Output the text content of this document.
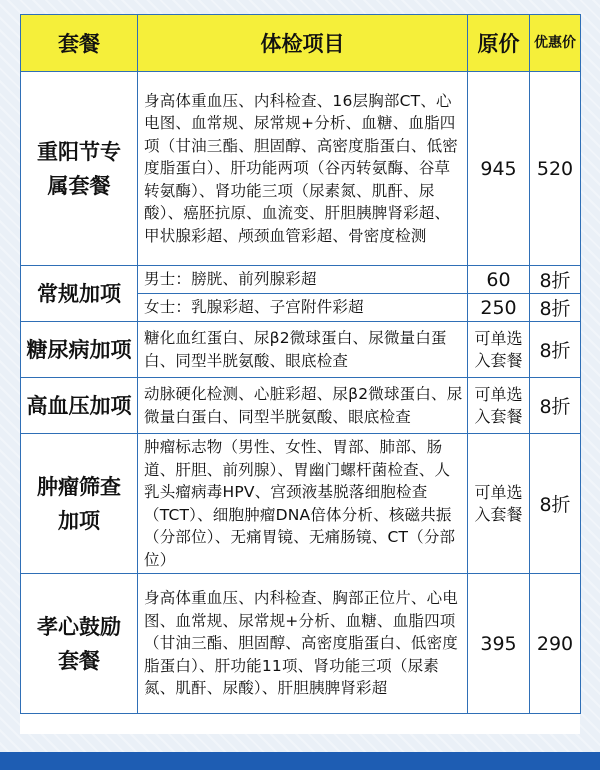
套餐	体检项目	原价	优惠价
重阳节专属套餐	身高体重血压、内科检查、16层胸部CT、心电图、血常规、尿常规+分析、血糖、血脂四项（甘油三酯、胆固醇、高密度脂蛋白、低密度脂蛋白）、肝功能两项（谷丙转氨酶、谷草转氨酶）、肾功能三项（尿素氮、肌酐、尿酸）、癌胚抗原、血流变、肝胆胰脾肾彩超、甲状腺彩超、颅颈血管彩超、骨密度检测	945	520
常规加项	男士：膀胱、前列腺彩超	60	8折
	女士：乳腺彩超、子宫附件彩超	250	8折
糖尿病加项	糖化血红蛋白、尿β2微球蛋白、尿微量白蛋白、同型半胱氨酸、眼底检查	可单选入套餐	8折
高血压加项	动脉硬化检测、心脏彩超、尿β2微球蛋白、尿微量白蛋白、同型半胱氨酸、眼底检查	可单选入套餐	8折
肿瘤筛查加项	肿瘤标志物（男性、女性、胃部、肺部、肠道、肝胆、前列腺）、胃幽门螺杆菌检查、人乳头瘤病毒HPV、宫颈液基脱落细胞检查（TCT）、细胞肿瘤DNA倍体分析、核磁共振（分部位）、无痛胃镜、无痛肠镜、CT（分部位）	可单选入套餐	8折
孝心鼓励套餐	身高体重血压、内科检查、胸部正位片、心电图、血常规、尿常规+分析、血糖、血脂四项（甘油三酯、胆固醇、高密度脂蛋白、低密度脂蛋白）、肝功能11项、肾功能三项（尿素氮、肌酐、尿酸）、肝胆胰脾肾彩超	395	290
